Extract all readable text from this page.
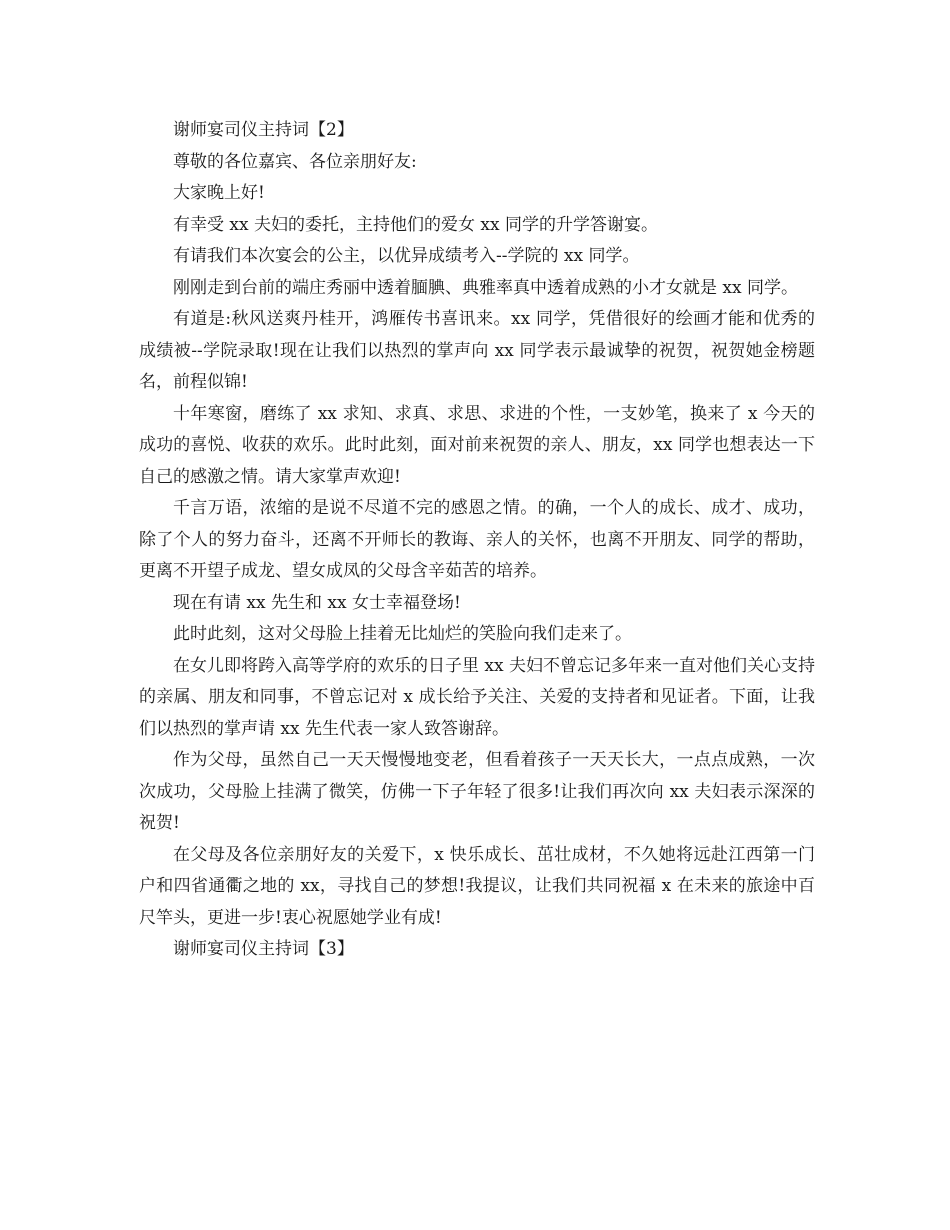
谢师宴司仪主持词【2】

尊敬的各位嘉宾、各位亲朋好友:

大家晚上好!

有幸受 xx 夫妇的委托，主持他们的爱女 xx 同学的升学答谢宴。

有请我们本次宴会的公主，以优异成绩考入--学院的 xx 同学。

刚刚走到台前的端庄秀丽中透着腼腆、典雅率真中透着成熟的小才女就是 xx 同学。

有道是:秋风送爽丹桂开，鸿雁传书喜讯来。xx 同学，凭借很好的绘画才能和优秀的成绩被--学院录取!现在让我们以热烈的掌声向 xx 同学表示最诚挚的祝贺，祝贺她金榜题名，前程似锦!

十年寒窗，磨练了 xx 求知、求真、求思、求进的个性，一支妙笔，换来了 x 今天的成功的喜悦、收获的欢乐。此时此刻，面对前来祝贺的亲人、朋友，xx 同学也想表达一下自己的感激之情。请大家掌声欢迎!

千言万语，浓缩的是说不尽道不完的感恩之情。的确，一个人的成长、成才、成功，除了个人的努力奋斗，还离不开师长的教诲、亲人的关怀，也离不开朋友、同学的帮助，更离不开望子成龙、望女成凤的父母含辛茹苦的培养。

现在有请 xx 先生和 xx 女士幸福登场!

此时此刻，这对父母脸上挂着无比灿烂的笑脸向我们走来了。

在女儿即将跨入高等学府的欢乐的日子里 xx 夫妇不曾忘记多年来一直对他们关心支持的亲属、朋友和同事，不曾忘记对 x 成长给予关注、关爱的支持者和见证者。下面，让我们以热烈的掌声请 xx 先生代表一家人致答谢辞。

作为父母，虽然自己一天天慢慢地变老，但看着孩子一天天长大，一点点成熟，一次次成功，父母脸上挂满了微笑，仿佛一下子年轻了很多!让我们再次向 xx 夫妇表示深深的祝贺!

在父母及各位亲朋好友的关爱下，x 快乐成长、茁壮成材，不久她将远赴江西第一门户和四省通衢之地的 xx，寻找自己的梦想!我提议，让我们共同祝福 x 在未来的旅途中百尺竿头，更进一步!衷心祝愿她学业有成!

谢师宴司仪主持词【3】
